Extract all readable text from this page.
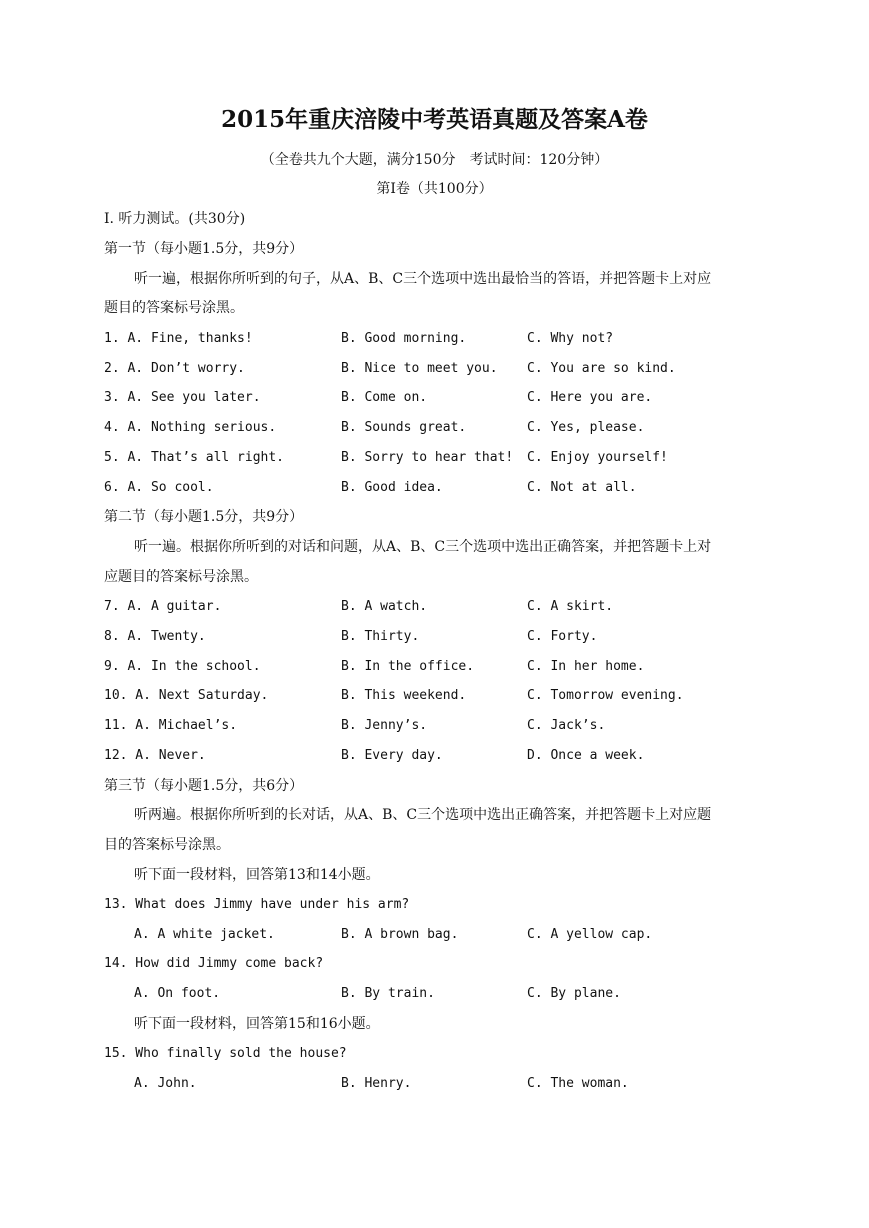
2015年重庆涪陵中考英语真题及答案A卷
（全卷共九个大题，满分150分　考试时间：120分钟）
第Ⅰ卷（共100分）
I. 听力测试。(共30分)
第一节（每小题1.5分，共9分）
听一遍，根据你所听到的句子，从A、B、C三个选项中选出最恰当的答语，并把答题卡上对应
题目的答案标号涂黑。
1. A. Fine, thanks!	B. Good morning.	C. Why not?
2. A. Don’t worry.	B. Nice to meet you. C. You are so kind.
3. A. See you later.	B. Come on.	C. Here you are.
4. A. Nothing serious.	B. Sounds great.	C. Yes, please.
5. A. That’s all right.	B. Sorry to hear that! C. Enjoy yourself!
6. A. So cool.	B. Good idea.	C. Not at all.
第二节（每小题1.5分，共9分）
听一遍。根据你所听到的对话和问题，从A、B、C三个选项中选出正确答案，并把答题卡上对
应题目的答案标号涂黑。
7. A. A guitar.	B. A watch.	C. A skirt.
8. A. Twenty.	B. Thirty.	C. Forty.
9. A. In the school.	B. In the office.	C. In her home.
10. A. Next Saturday.	B. This weekend.	C. Tomorrow evening.
11. A. Michael’s.	B. Jenny’s.	C. Jack’s.
12. A. Never.	B. Every day.	D. Once a week.
第三节（每小题1.5分，共6分）
听两遍。根据你所听到的长对话，从A、B、C三个选项中选出正确答案，并把答题卡上对应题
目的答案标号涂黑。
听下面一段材料，回答第13和14小题。
13. What does Jimmy have under his arm?
A. A white jacket.	B. A brown bag.	C. A yellow cap.
14. How did Jimmy come back?
A. On foot.	B. By train.	C. By plane.
听下面一段材料，回答第15和16小题。
15. Who finally sold the house?
A. John.	B. Henry.	C. The woman.
